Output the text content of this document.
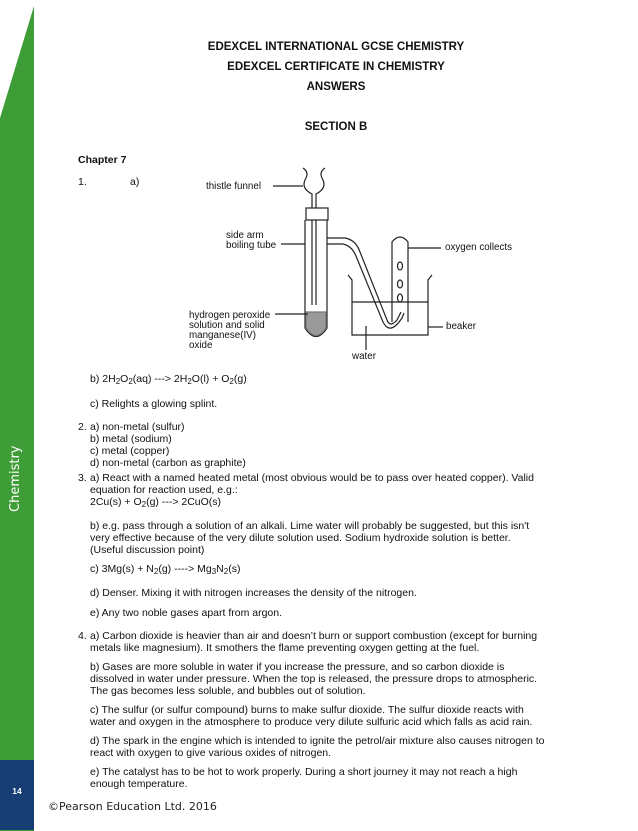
Chemistry
14
EDEXCEL INTERNATIONAL GCSE CHEMISTRY
EDEXCEL CERTIFICATE IN CHEMISTRY
ANSWERS
SECTION B
Chapter 7
1.	a)	thistle funnel
side arm
boiling tube	oxygen collects
hydrogen peroxide
solution and solid
manganese(IV)
oxide
beaker
water
b) $2H_2O_2(aq)$ ---> $2H_2O(l) + O_2(g)$
c) Relights a glowing splint.
2. a) non-metal (sulfur)
b) metal (sodium)
c) metal (copper)
d) non-metal (carbon as graphite)
3. a) React with a named heated metal (most obvious would be to pass over heated copper). Valid
equation for reaction used, e.g.:
$2Cu(s) + O_2(g)$ ---> 2CuO(s)
b) e.g. pass through a solution of an alkali. Lime water will probably be suggested, but this isn't
very effective because of the very dilute solution used. Sodium hydroxide solution is better.
(Useful discussion point)
c) $3Mg(s) + N_2(g)$ ----> $Mg_3N_2(s)$
d) Denser. Mixing it with nitrogen increases the density of the nitrogen.
e) Any two noble gases apart from argon.
4. a) Carbon dioxide is heavier than air and doesn’t burn or support combustion (except for burning
metals like magnesium). It smothers the flame preventing oxygen getting at the fuel.
b) Gases are more soluble in water if you increase the pressure, and so carbon dioxide is
dissolved in water under pressure. When the top is released, the pressure drops to atmospheric.
The gas becomes less soluble, and bubbles out of solution.
c) The sulfur (or sulfur compound) burns to make sulfur dioxide. The sulfur dioxide reacts with
water and oxygen in the atmosphere to produce very dilute sulfuric acid which falls as acid rain.
d) The spark in the engine which is intended to ignite the petrol/air mixture also causes nitrogen to
react with oxygen to give various oxides of nitrogen.
e) The catalyst has to be hot to work properly. During a short journey it may not reach a high
enough temperature.
©Pearson Education Ltd. 2016
